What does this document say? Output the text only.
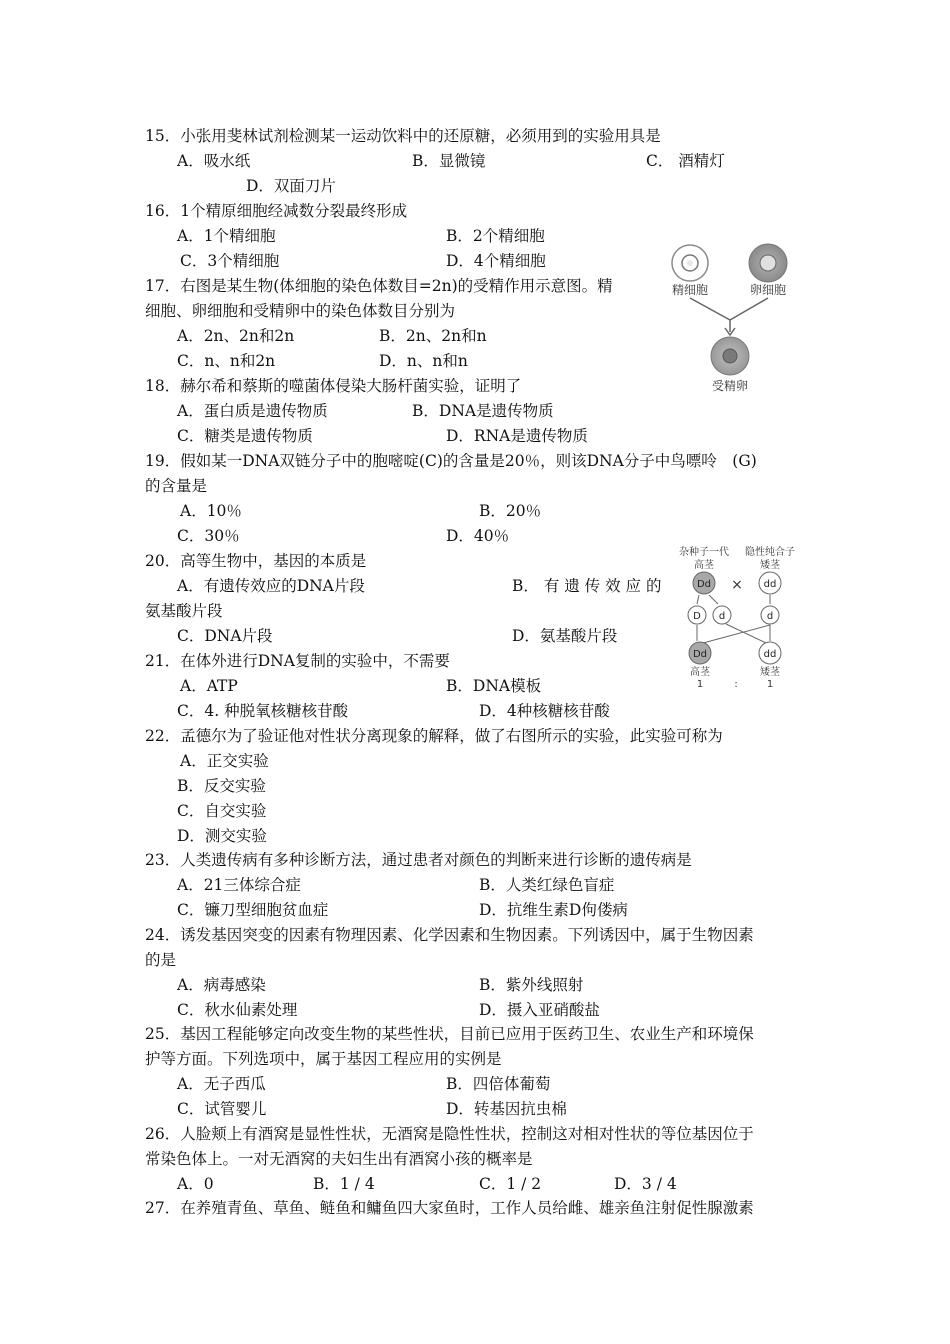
15．小张用斐林试剂检测某一运动饮料中的还原糖，必须用到的实验用具是
A．吸水纸	B．显微镜	C． 酒精灯
D．双面刀片
16．1个精原细胞经减数分裂最终形成
A．1个精细胞	B．2个精细胞
C．3个精细胞	D．4个精细胞
17．右图是某生物(体细胞的染色体数目=2n)的受精作用示意图。精
细胞、卵细胞和受精卵中的染色体数目分别为
A．2n、2n和2n	B．2n、2n和n
C．n、n和2n	D．n、n和n
18．赫尔希和蔡斯的噬菌体侵染大肠杆菌实验，证明了
A．蛋白质是遗传物质	B．DNA是遗传物质
C．糖类是遗传物质	D．RNA是遗传物质
19．假如某一DNA双链分子中的胞嘧啶(C)的含量是20％，则该DNA分子中鸟嘌呤　(G)
的含量是
A．10％	B．20％
C．30％	D．40％
20．高等生物中，基因的本质是
A．有遗传效应的DNA片段	B． 有 遗 传 效 应 的
氨基酸片段
C．DNA片段	D．氨基酸片段
21．在体外进行DNA复制的实验中，不需要
A．ATP	B．DNA模板
C．4. 种脱氧核糖核苷酸	D．4种核糖核苷酸
22．孟德尔为了验证他对性状分离现象的解释，做了右图所示的实验，此实验可称为
A．正交实验
B．反交实验
C．自交实验
D．测交实验
23．人类遗传病有多种诊断方法，通过患者对颜色的判断来进行诊断的遗传病是
A．21三体综合症	B．人类红绿色盲症
C．镰刀型细胞贫血症	D．抗维生素D佝偻病
24．诱发基因突变的因素有物理因素、化学因素和生物因素。下列诱因中，属于生物因素
的是
A．病毒感染	B．紫外线照射
C．秋水仙素处理	D．摄入亚硝酸盐
25．基因工程能够定向改变生物的某些性状，目前已应用于医药卫生、农业生产和环境保
护等方面。下列选项中，属于基因工程应用的实例是
A．无子西瓜	B．四倍体葡萄
C．试管婴儿	D．转基因抗虫棉
26．人脸颊上有酒窝是显性性状，无酒窝是隐性性状，控制这对相对性状的等位基因位于
常染色体上。一对无酒窝的夫妇生出有酒窝小孩的概率是
A．0	B．1 / 4	C．1 / 2	D．3 / 4
27．在养殖青鱼、草鱼、鲢鱼和鳙鱼四大家鱼时，工作人员给雌、雄亲鱼注射促性腺激素
精细胞	卵细胞
受精卵
杂种子一代 隐性纯合子
高茎	矮茎
Dd × dd
D d	d
Dd	dd
高茎	矮茎
1	:	1
